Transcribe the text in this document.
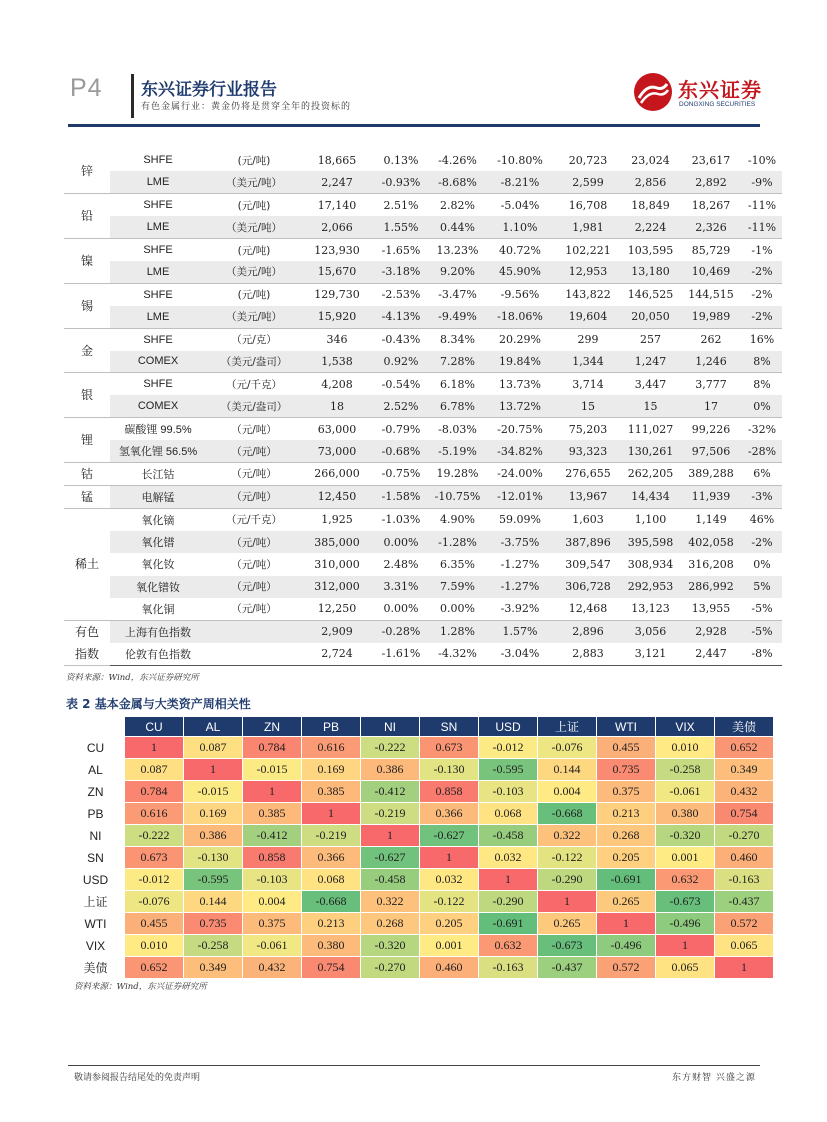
P4 东兴证券行业报告
有色金属行业：黄金仍将是贯穿全年的投资标的
东兴证券
DONGXING SECURITIES
锌	SHFE	(元/吨)	18,665	0.13%	-4.26%	-10.80%	20,723	23,024	23,617	-10%
	LME	（美元/吨）	2,247	-0.93%	-8.68%	-8.21%	2,599	2,856	2,892	-9%
铅	SHFE	(元/吨)	17,140	2.51%	2.82%	-5.04%	16,708	18,849	18,267	-11%
	LME	（美元/吨）	2,066	1.55%	0.44%	1.10%	1,981	2,224	2,326	-11%
镍	SHFE	(元/吨)	123,930	-1.65%	13.23%	40.72%	102,221	103,595	85,729	-1%
	LME	（美元/吨）	15,670	-3.18%	9.20%	45.90%	12,953	13,180	10,469	-2%
锡	SHFE	(元/吨)	129,730	-2.53%	-3.47%	-9.56%	143,822	146,525	144,515	-2%
	LME	（美元/吨）	15,920	-4.13%	-9.49%	-18.06%	19,604	20,050	19,989	-2%
金	SHFE	（元/克）	346	-0.43%	8.34%	20.29%	299	257	262	16%
	COMEX	（美元/盎司）	1,538	0.92%	7.28%	19.84%	1,344	1,247	1,246	8%
银	SHFE	（元/千克）	4,208	-0.54%	6.18%	13.73%	3,714	3,447	3,777	8%
	COMEX	（美元/盎司）	18	2.52%	6.78%	13.72%	15	15	17	0%
锂	碳酸锂 99.5%	（元/吨）	63,000	-0.79%	-8.03%	-20.75%	75,203	111,027	99,226	-32%
	氢氧化锂 56.5%	（元/吨）	73,000	-0.68%	-5.19%	-34.82%	93,323	130,261	97,506	-28%
钴	长江钴	（元/吨）	266,000	-0.75%	19.28%	-24.00%	276,655	262,205	389,288	6%
锰	电解锰	（元/吨）	12,450	-1.58%	-10.75%	-12.01%	13,967	14,434	11,939	-3%
稀土	氧化镝	（元/千克）	1,925	-1.03%	4.90%	59.09%	1,603	1,100	1,149	46%
	氧化镨	（元/吨）	385,000	0.00%	-1.28%	-3.75%	387,896	395,598	402,058	-2%
	氧化钕	（元/吨）	310,000	2.48%	6.35%	-1.27%	309,547	308,934	316,208	0%
	氧化镨钕	（元/吨）	312,000	3.31%	7.59%	-1.27%	306,728	292,953	286,992	5%
	氧化铜	（元/吨）	12,250	0.00%	0.00%	-3.92%	12,468	13,123	13,955	-5%
有色
指数	上海有色指数		2,909	-0.28%	1.28%	1.57%	2,896	3,056	2,928	-5%
	伦敦有色指数		2,724	-1.61%	-4.32%	-3.04%	2,883	3,121	2,447	-8%
资料来源：Wind，东兴证券研究所
表 2 基本金属与大类资产周相关性
	CU	AL	ZN	PB	NI	SN	USD	上证	WTI	VIX	美债
CU	1	0.087	0.784	0.616	-0.222	0.673	-0.012	-0.076	0.455	0.010	0.652
AL	0.087	1	-0.015	0.169	0.386	-0.130	-0.595	0.144	0.735	-0.258	0.349
ZN	0.784	-0.015	1	0.385	-0.412	0.858	-0.103	0.004	0.375	-0.061	0.432
PB	0.616	0.169	0.385	1	-0.219	0.366	0.068	-0.668	0.213	0.380	0.754
NI	-0.222	0.386	-0.412	-0.219	1	-0.627	-0.458	0.322	0.268	-0.320	-0.270
SN	0.673	-0.130	0.858	0.366	-0.627	1	0.032	-0.122	0.205	0.001	0.460
USD	-0.012	-0.595	-0.103	0.068	-0.458	0.032	1	-0.290	-0.691	0.632	-0.163
上证	-0.076	0.144	0.004	-0.668	0.322	-0.122	-0.290	1	0.265	-0.673	-0.437
WTI	0.455	0.735	0.375	0.213	0.268	0.205	-0.691	0.265	1	-0.496	0.572
VIX	0.010	-0.258	-0.061	0.380	-0.320	0.001	0.632	-0.673	-0.496	1	0.065
美债	0.652	0.349	0.432	0.754	-0.270	0.460	-0.163	-0.437	0.572	0.065	1
资料来源：Wind，东兴证券研究所
敬请参阅报告结尾处的免责声明	东方财智 兴盛之源
